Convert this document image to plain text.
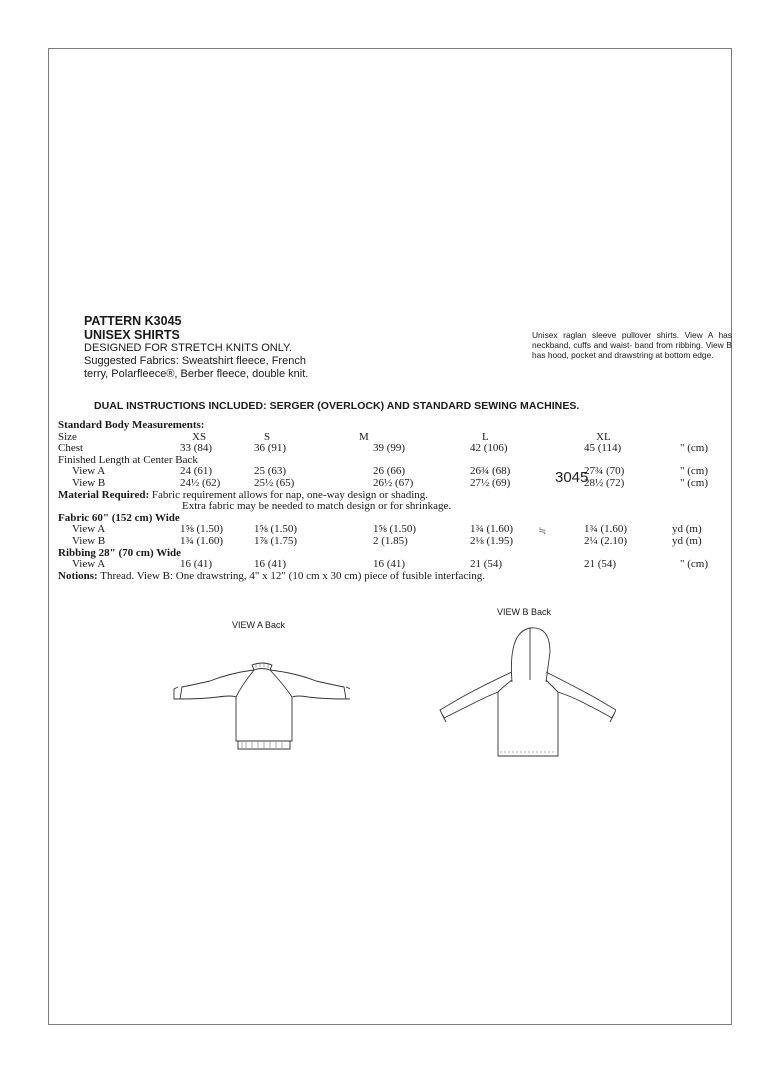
PATTERN K3045
UNISEX SHIRTS
DESIGNED FOR STRETCH KNITS ONLY.
Suggested Fabrics: Sweatshirt fleece, French
terry, Polarfleece®, Berber fleece, double knit.
Unisex raglan sleeve pullover shirts. View A has neckband, cuffs and waist- band from ribbing. View B has hood, pocket and drawstring at bottom edge.
DUAL INSTRUCTIONS INCLUDED: SERGER (OVERLOCK) AND STANDARD SEWING MACHINES.
Standard Body Measurements:
Size	XS	S	M	L	XL
Chest	33 (84)	36 (91)	39 (99)	42 (106)	45 (114)	" (cm)
Finished Length at Center Back
View A	24 (61)	25 (63)	26 (66)	26¾ (68)	27¾ (70)	" (cm)
View B	24½ (62)	25½ (65)	26½ (67)	27½ (69)	28½ (72)	" (cm)
Material Required: Fabric requirement allows for nap, one-way design or shading.
Extra fabric may be needed to match design or for shrinkage.
Fabric 60" (152 cm) Wide
View A	1⅝ (1.50)	1⅝ (1.50)	1⅝ (1.50)	1¾ (1.60)	1¾ (1.60)	yd (m)
View B	1¾ (1.60)	1⅞ (1.75)	2 (1.85)	2⅛ (1.95)	2¼ (2.10)	yd (m)
Ribbing 28" (70 cm) Wide
View A	16 (41)	16 (41)	16 (41)	21 (54)	21 (54)	" (cm)
Notions: Thread. View B: One drawstring, 4" x 12" (10 cm x 30 cm) piece of fusible interfacing.
3045
≒
VIEW A Back
VIEW B Back
